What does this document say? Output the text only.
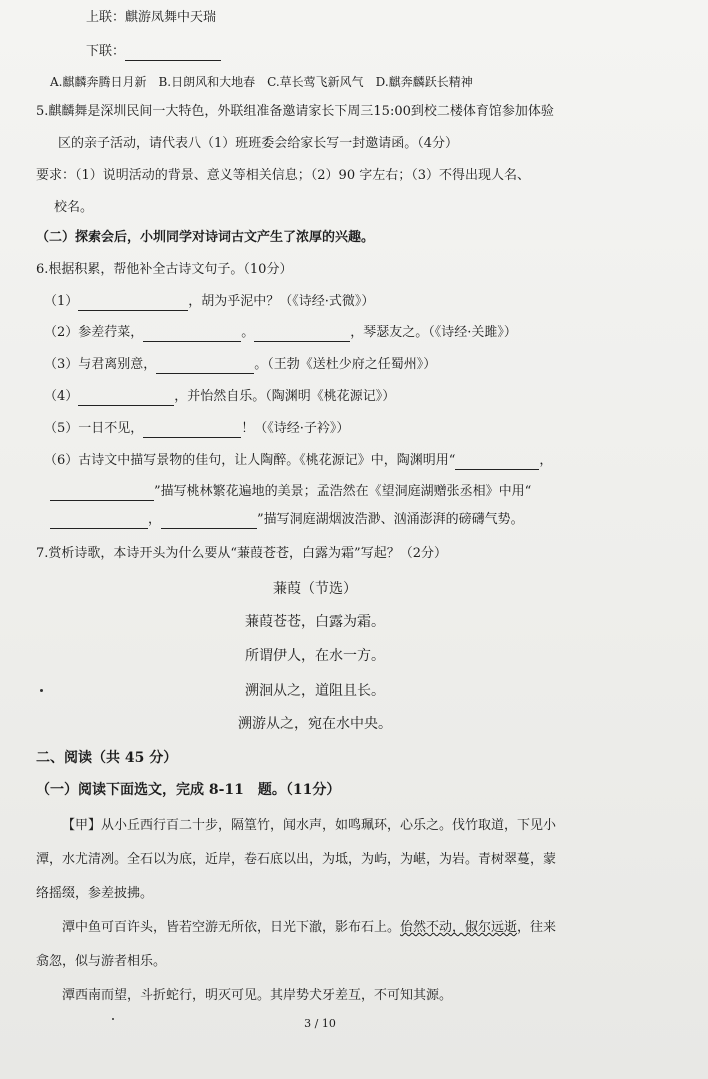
上联：麒游凤舞中天瑞
下联：
A.麒麟奔腾日月新　B.日朗风和大地春　C.草长莺飞新风气　D.麒奔麟跃长精神
5.麒麟舞是深圳民间一大特色，外联组准备邀请家长下周三15:00到校二楼体育馆参加体验
区的亲子活动，请代表八（1）班班委会给家长写一封邀请函。（4分）
要求：（1）说明活动的背景、意义等相关信息；（2）90 字左右；（3）不得出现人名、
校名。
（二）探索会后，小圳同学对诗词古文产生了浓厚的兴趣。
6.根据积累，帮他补全古诗文句子。（10分）
（1）	，胡为乎泥中？（《诗经·式微》）
（2）参差荇菜，	。	，琴瑟友之。（《诗经·关雎》）
（3）与君离别意，	。（王勃《送杜少府之任蜀州》）
（4）	，并怡然自乐。（陶渊明《桃花源记》）
（5）一日不见，	！（《诗经·子衿》）
（6）古诗文中描写景物的佳句，让人陶醉。《桃花源记》中，陶渊明用“	，
”描写桃林繁花遍地的美景；孟浩然在《望洞庭湖赠张丞相》中用“
，	”描写洞庭湖烟波浩渺、汹涌澎湃的磅礴气势。
7.赏析诗歌，本诗开头为什么要从“蒹葭苍苍，白露为霜”写起？（2分）
蒹葭（节选）
蒹葭苍苍，白露为霜。
所谓伊人，在水一方。
溯洄从之，道阻且长。
溯游从之，宛在水中央。
二、阅读（共 45 分）
（一）阅读下面选文，完成 8-11　题。（11分）
【甲】从小丘西行百二十步，隔篁竹，闻水声，如鸣珮环，心乐之。伐竹取道，下见小
潭，水尤清冽。全石以为底，近岸，卷石底以出，为坻，为屿，为嵁，为岩。青树翠蔓，蒙
络摇缀，参差披拂。
潭中鱼可百许头，皆若空游无所依，日光下澈，影布石上。佁然不动，俶尔远逝，往来
翕忽，似与游者相乐。
潭西南而望，斗折蛇行，明灭可见。其岸势犬牙差互，不可知其源。
3 / 10
